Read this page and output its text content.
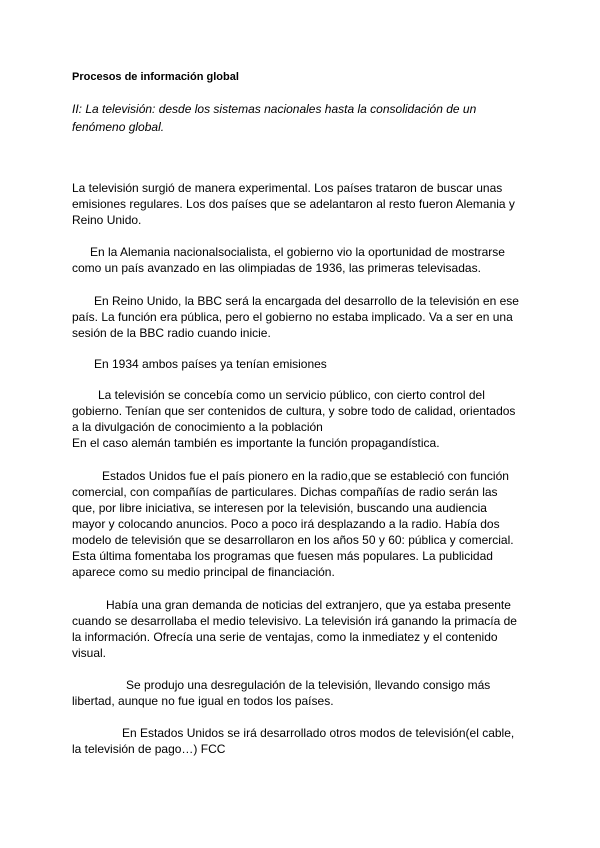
Procesos de información global
II: La televisión: desde los sistemas nacionales hasta la consolidación de un
fenómeno global.
La televisión surgió de manera experimental. Los países trataron de buscar unas
emisiones regulares. Los dos países que se adelantaron al resto fueron Alemania y
Reino Unido.
En la Alemania nacionalsocialista, el gobierno vio la oportunidad de mostrarse
como un país avanzado en las olimpiadas de 1936, las primeras televisadas.
En Reino Unido, la BBC será la encargada del desarrollo de la televisión en ese
país. La función era pública, pero el gobierno no estaba implicado. Va a ser en una
sesión de la BBC radio cuando inicie.
En 1934 ambos países ya tenían emisiones
La televisión se concebía como un servicio público, con cierto control del
gobierno. Tenían que ser contenidos de cultura, y sobre todo de calidad, orientados
a la divulgación de conocimiento a la población
En el caso alemán también es importante la función propagandística.
Estados Unidos fue el país pionero en la radio,que se estableció con función
comercial, con compañías de particulares. Dichas compañías de radio serán las
que, por libre iniciativa, se interesen por la televisión, buscando una audiencia
mayor y colocando anuncios. Poco a poco irá desplazando a la radio. Había dos
modelo de televisión que se desarrollaron en los años 50 y 60: pública y comercial.
Esta última fomentaba los programas que fuesen más populares. La publicidad
aparece como su medio principal de financiación.
Había una gran demanda de noticias del extranjero, que ya estaba presente
cuando se desarrollaba el medio televisivo. La televisión irá ganando la primacía de
la información. Ofrecía una serie de ventajas, como la inmediatez y el contenido
visual.
Se produjo una desregulación de la televisión, llevando consigo más
libertad, aunque no fue igual en todos los países.
En Estados Unidos se irá desarrollado otros modos de televisión(el cable,
la televisión de pago…) FCC
